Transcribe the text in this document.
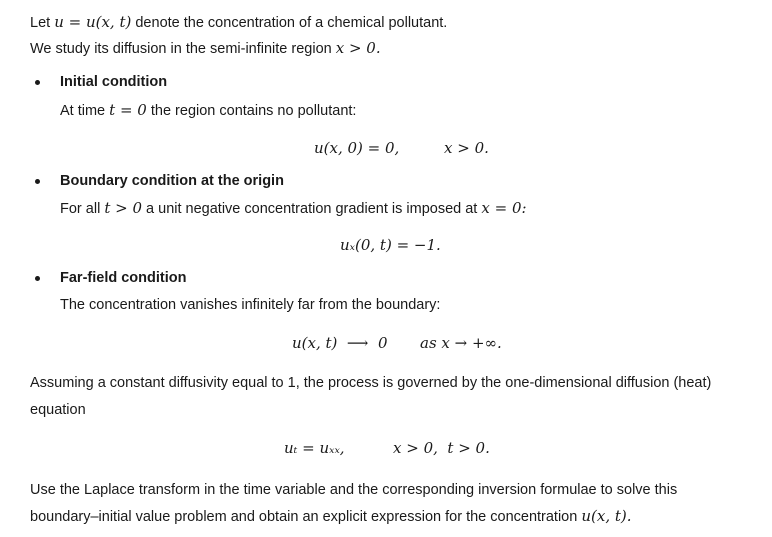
Let u = u(x, t) denote the concentration of a chemical pollutant.
We study its diffusion in the semi-infinite region x > 0.
Initial condition
At time t = 0 the region contains no pollutant:
u(x, 0) = 0,	x > 0.
Boundary condition at the origin
For all t > 0 a unit negative concentration gradient is imposed at x = 0:
uₓ(0, t) = −1.
Far-field condition
The concentration vanishes infinitely far from the boundary:
u(x, t)  ⟶  0 as x → +∞.
Assuming a constant diffusivity equal to 1, the process is governed by the one-dimensional diffusion (heat)
equation
uₜ = uₓₓ,	x > 0,  t > 0.
Use the Laplace transform in the time variable and the corresponding inversion formulae to solve this
boundary–initial value problem and obtain an explicit expression for the concentration u(x, t).
